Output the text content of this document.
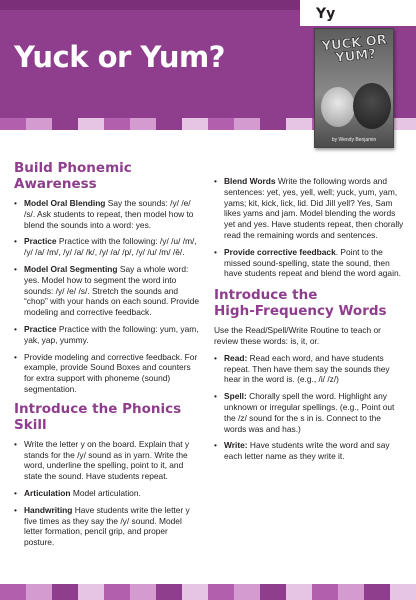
Yuck or Yum?
Yy
YUCK OR YUM?
by Wendy Benjamin
Build Phonemic Awareness
• Model Oral Blending Say the sounds: /y/ /e/ /s/. Ask students to repeat, then model how to blend the sounds into a word: yes.
• Practice Practice with the following: /y/ /u/ /m/, /y/ /a/ /m/, /y/ /a/ /k/, /y/ /a/ /p/, /y/ /u/ /m/ /ē/.
• Model Oral Segmenting Say a whole word: yes. Model how to segment the word into sounds: /y/ /e/ /s/. Stretch the sounds and “chop” with your hands on each sound. Provide modeling and corrective feedback.
• Practice Practice with the following: yum, yam, yak, yap, yummy.
• Provide modeling and corrective feedback. For example, provide Sound Boxes and counters for extra support with phoneme (sound) segmentation.
Introduce the Phonics Skill
• Write the letter y on the board. Explain that y stands for the /y/ sound as in yarn. Write the word, underline the spelling, point to it, and state the sound. Have students repeat.
• Articulation Model articulation.
• Handwriting Have students write the letter y five times as they say the /y/ sound. Model letter formation, pencil grip, and proper posture.
• Blend Words Write the following words and sentences: yet, yes, yell, well; yuck, yum, yam, yams; kit, kick, lick, lid. Did Jill yell? Yes, Sam likes yams and jam. Model blending the words yet and yes. Have students repeat, then chorally read the remaining words and sentences.
• Provide corrective feedback. Point to the missed sound-spelling, state the sound, then have students repeat and blend the word again.
Introduce the
High-Frequency Words

Use the Read/Spell/Write Routine to teach or review these words: is, it, or.

• Read: Read each word, and have students repeat. Then have them say the sounds they hear in the word is. (e.g., /i/ /z/)
• Spell: Chorally spell the word. Highlight any unknown or irregular spellings. (e.g., Point out the /z/ sound for the s in is. Connect to the words was and has.)
• Write: Have students write the word and say each letter name as they write it.
